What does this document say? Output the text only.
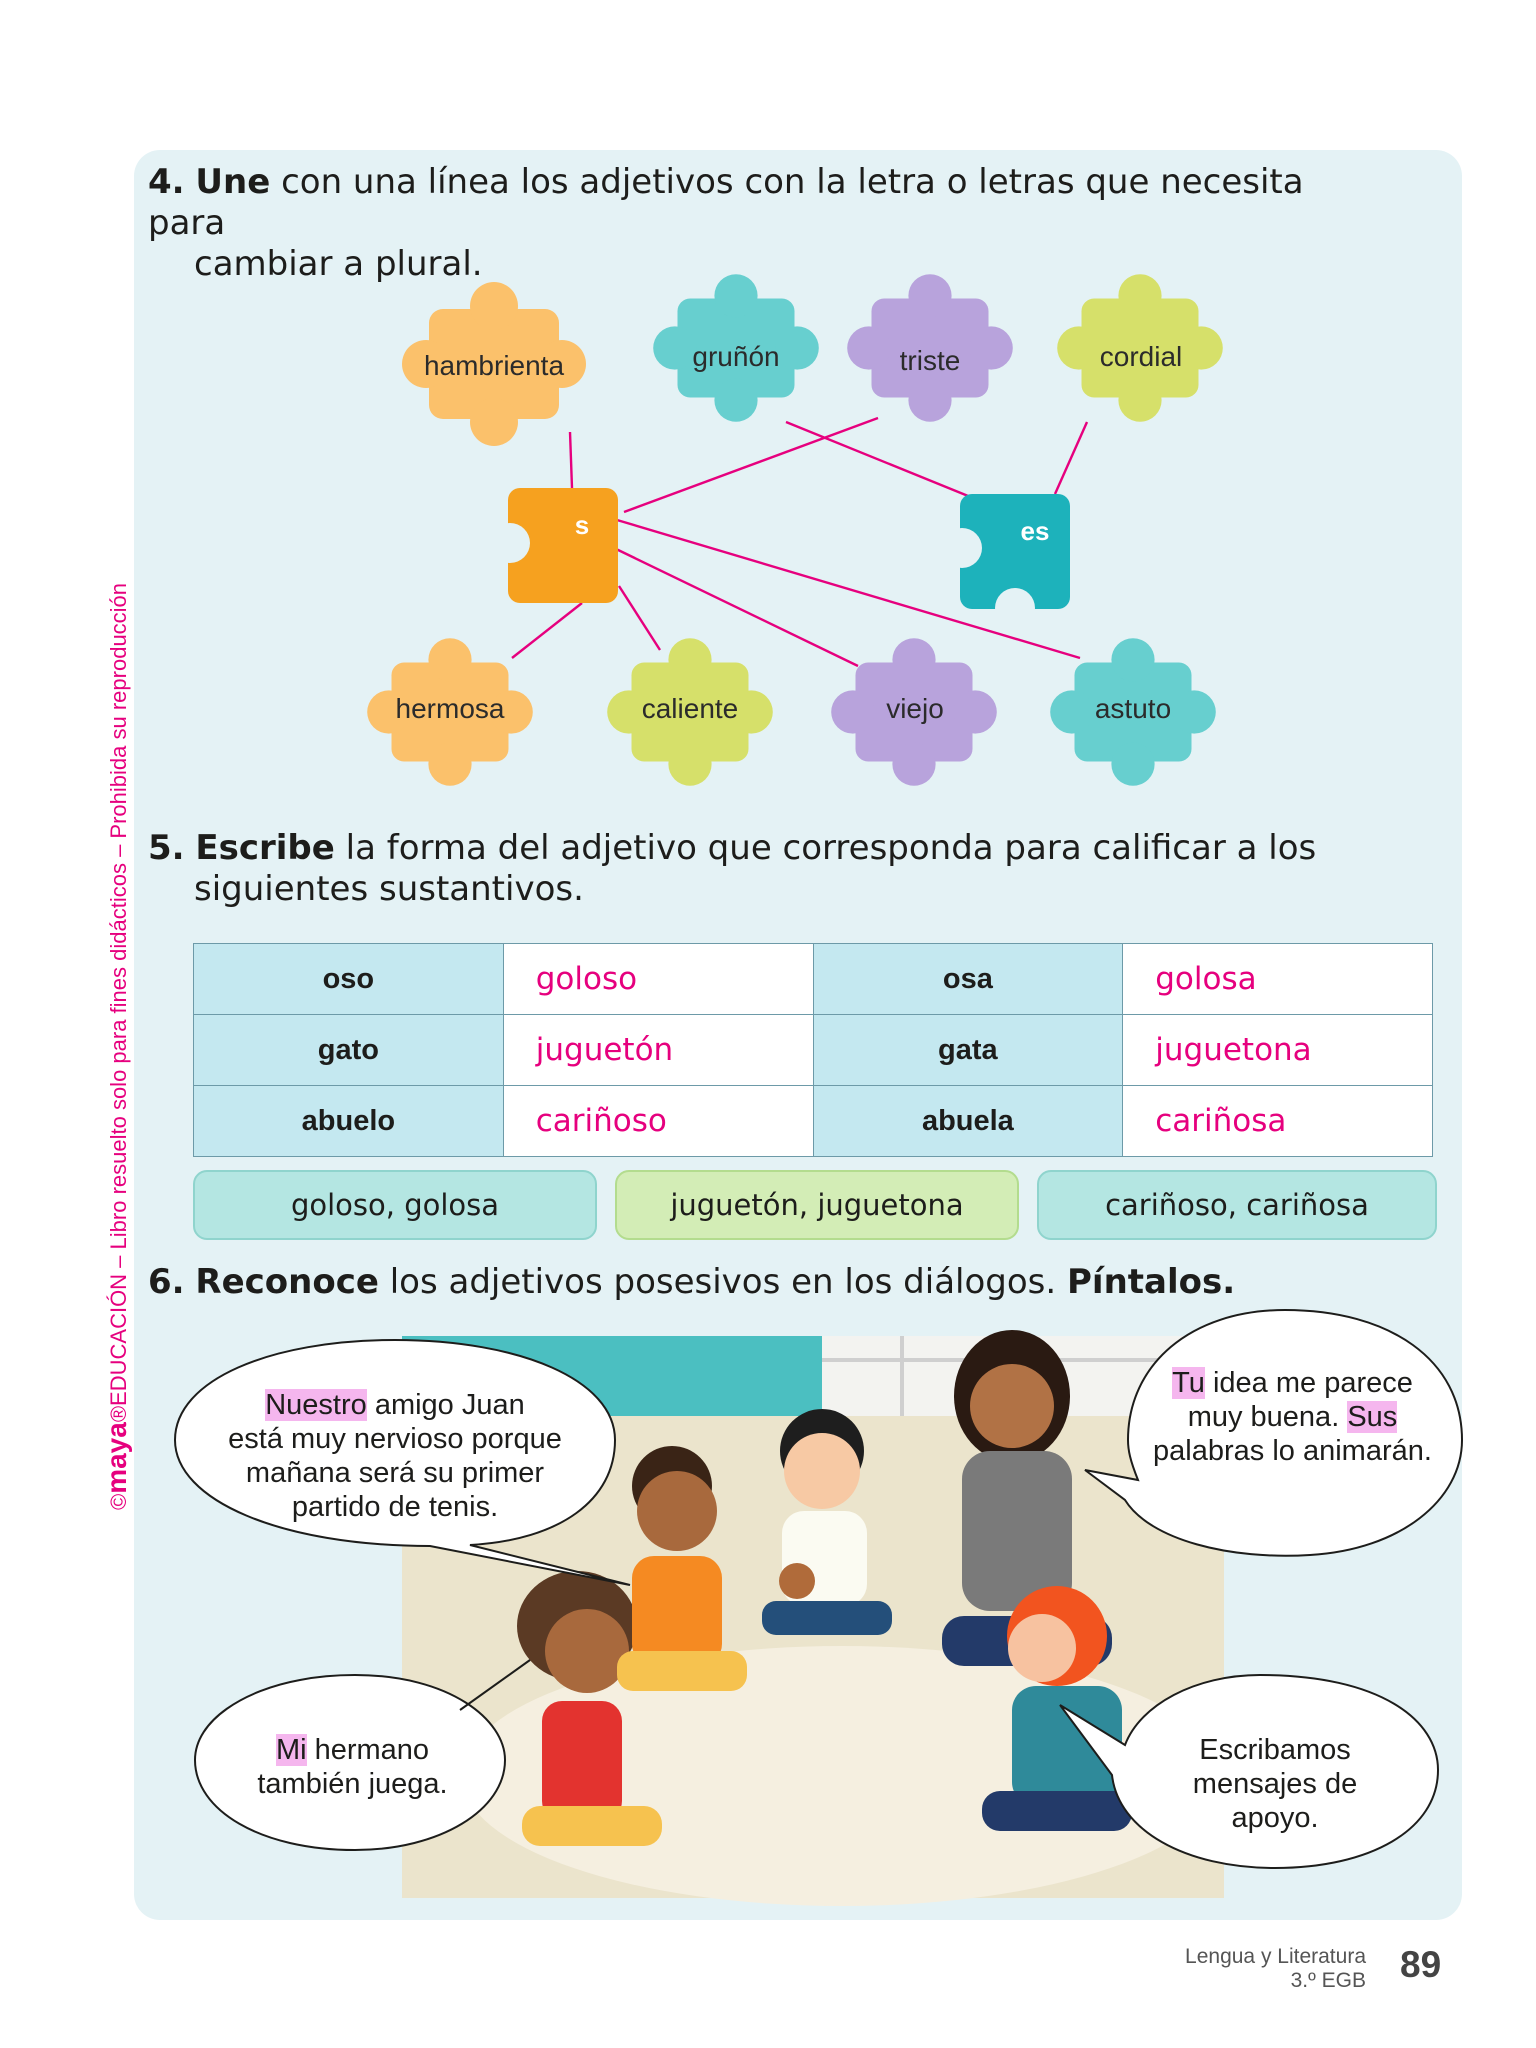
©maya®EDUCACIÓN – Libro resuelto solo para fines didácticos – Prohibida su reproducción
4. Une con una línea los adjetivos con la letra o letras que necesita para
cambiar a plural.
hambrienta	gruñón	triste	cordial
s	es
hermosa	caliente	viejo	astuto
5. Escribe la forma del adjetivo que corresponda para calificar a los
siguientes sustantivos.
oso	goloso	osa	golosa
gato	juguetón	gata	juguetona
abuelo	cariñoso	abuela	cariñosa
goloso, golosa	juguetón, juguetona	cariñoso, cariñosa
6. Reconoce los adjetivos posesivos en los diálogos. Píntalos.
Nuestro amigo Juan
está muy nervioso porque
mañana será su primer
partido de tenis.
Tu idea me parece
muy buena. Sus
palabras lo animarán.
Mi hermano
también juega.
Escribamos
mensajes de
apoyo.
Lengua y Literatura
3.º EGB 89
